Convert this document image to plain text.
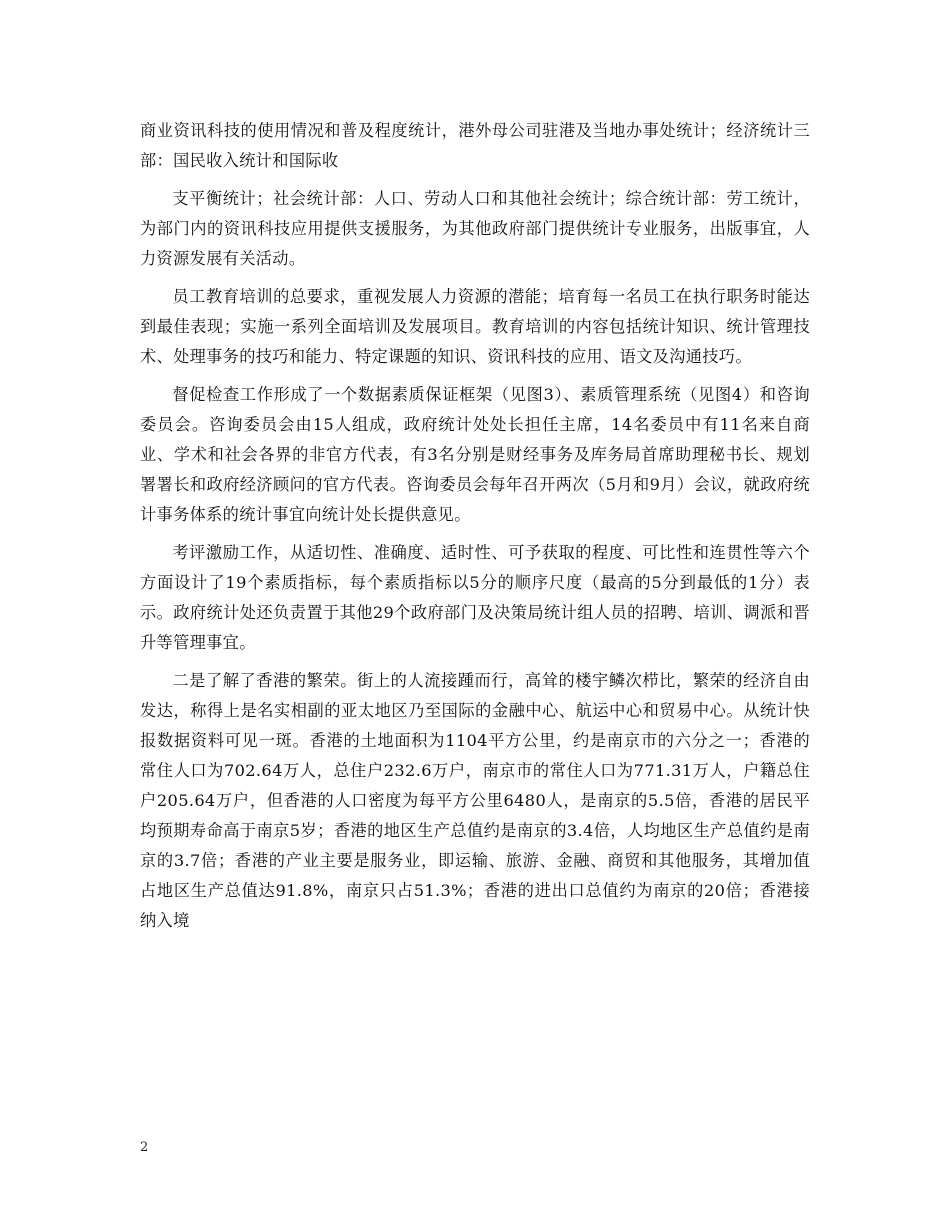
商业资讯科技的使用情况和普及程度统计，港外母公司驻港及当地办事处统计；经济统计三部：国民收入统计和国际收

支平衡统计；社会统计部：人口、劳动人口和其他社会统计；综合统计部：劳工统计，为部门内的资讯科技应用提供支援服务，为其他政府部门提供统计专业服务，出版事宜，人力资源发展有关活动。

员工教育培训的总要求，重视发展人力资源的潜能；培育每一名员工在执行职务时能达到最佳表现；实施一系列全面培训及发展项目。教育培训的内容包括统计知识、统计管理技术、处理事务的技巧和能力、特定课题的知识、资讯科技的应用、语文及沟通技巧。

督促检查工作形成了一个数据素质保证框架（见图3）、素质管理系统（见图4）和咨询委员会。咨询委员会由15人组成，政府统计处处长担任主席，14名委员中有11名来自商业、学术和社会各界的非官方代表，有3名分别是财经事务及库务局首席助理秘书长、规划署署长和政府经济顾问的官方代表。咨询委员会每年召开两次（5月和9月）会议，就政府统计事务体系的统计事宜向统计处长提供意见。

考评激励工作，从适切性、准确度、适时性、可予获取的程度、可比性和连贯性等六个方面设计了19个素质指标，每个素质指标以5分的顺序尺度（最高的5分到最低的1分）表示。政府统计处还负责置于其他29个政府部门及决策局统计组人员的招聘、培训、调派和晋升等管理事宜。

二是了解了香港的繁荣。街上的人流接踵而行，高耸的楼宇鳞次栉比，繁荣的经济自由发达，称得上是名实相副的亚太地区乃至国际的金融中心、航运中心和贸易中心。从统计快报数据资料可见一斑。香港的土地面积为1104平方公里，约是南京市的六分之一；香港的常住人口为702.64万人，总住户232.6万户，南京市的常住人口为771.31万人，户籍总住户205.64万户，但香港的人口密度为每平方公里6480人，是南京的5.5倍，香港的居民平均预期寿命高于南京5岁；香港的地区生产总值约是南京的3.4倍，人均地区生产总值约是南京的3.7倍；香港的产业主要是服务业，即运输、旅游、金融、商贸和其他服务，其增加值占地区生产总值达91.8%，南京只占51.3%；香港的进出口总值约为南京的20倍；香港接纳入境

2
